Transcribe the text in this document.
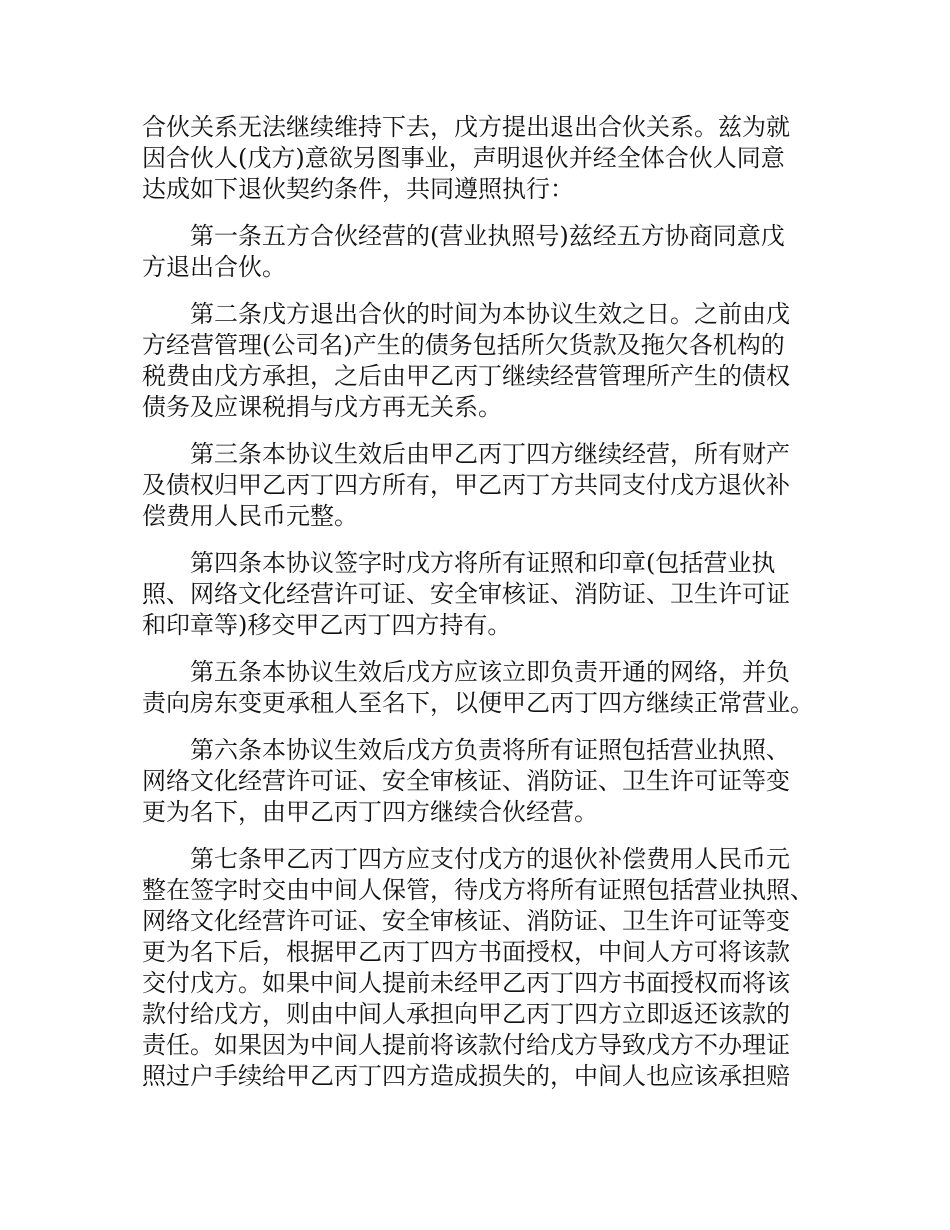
合伙关系无法继续维持下去，戊方提出退出合伙关系。兹为就
因合伙人(戊方)意欲另图事业，声明退伙并经全体合伙人同意
达成如下退伙契约条件，共同遵照执行：

　　第一条五方合伙经营的(营业执照号)兹经五方协商同意戊
方退出合伙。

　　第二条戊方退出合伙的时间为本协议生效之日。之前由戊
方经营管理(公司名)产生的债务包括所欠货款及拖欠各机构的
税费由戊方承担，之后由甲乙丙丁继续经营管理所产生的债权
债务及应课税捐与戊方再无关系。

　　第三条本协议生效后由甲乙丙丁四方继续经营，所有财产
及债权归甲乙丙丁四方所有，甲乙丙丁方共同支付戊方退伙补
偿费用人民币元整。

　　第四条本协议签字时戊方将所有证照和印章(包括营业执
照、网络文化经营许可证、安全审核证、消防证、卫生许可证
和印章等)移交甲乙丙丁四方持有。

　　第五条本协议生效后戊方应该立即负责开通的网络，并负
责向房东变更承租人至名下，以便甲乙丙丁四方继续正常营业。

　　第六条本协议生效后戊方负责将所有证照包括营业执照、
网络文化经营许可证、安全审核证、消防证、卫生许可证等变
更为名下，由甲乙丙丁四方继续合伙经营。

　　第七条甲乙丙丁四方应支付戊方的退伙补偿费用人民币元
整在签字时交由中间人保管，待戊方将所有证照包括营业执照、
网络文化经营许可证、安全审核证、消防证、卫生许可证等变
更为名下后，根据甲乙丙丁四方书面授权，中间人方可将该款
交付戊方。如果中间人提前未经甲乙丙丁四方书面授权而将该
款付给戊方，则由中间人承担向甲乙丙丁四方立即返还该款的
责任。如果因为中间人提前将该款付给戊方导致戊方不办理证
照过户手续给甲乙丙丁四方造成损失的，中间人也应该承担赔
